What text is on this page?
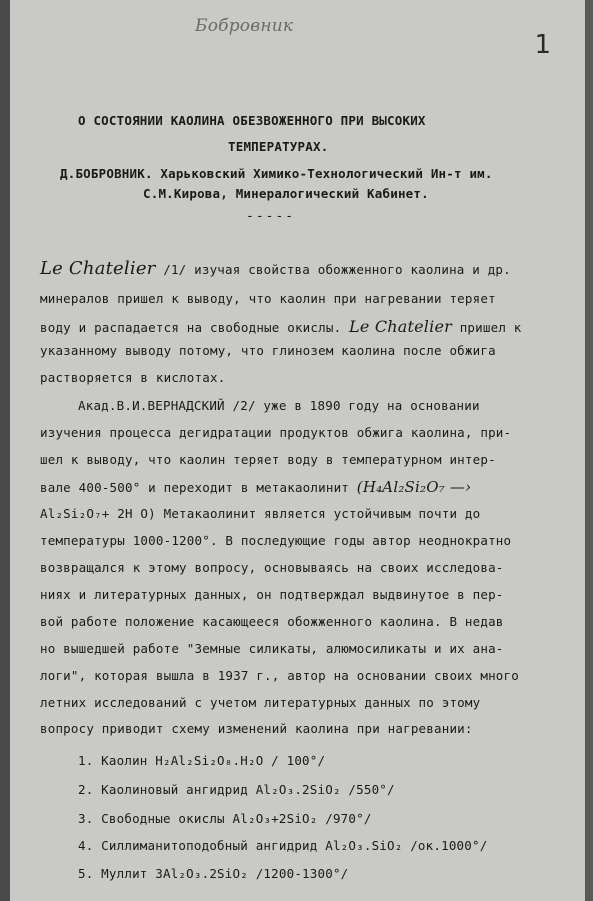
Бобровник
1
О СОСТОЯНИИ КАОЛИНА ОБЕЗВОЖЕННОГО ПРИ ВЫСОКИХ
ТЕМПЕРАТУРАХ.
Д.БОБРОВНИК. Харьковский Химико-Технологический Ин-т им.
С.М.Кирова, Минералогический Кабинет.
-----
Le Chatelier /1/ изучая свойства обожженного каолина и др.
минералов пришел к выводу, что каолин при нагревании теряет
воду и распадается на свободные окислы. Le Chatelier пришел к
указанному выводу потому, что глинозем каолина после обжига
растворяется в кислотах.
Акад.В.И.ВЕРНАДСКИЙ /2/ уже в 1890 году на основании
изучения процесса дегидратации продуктов обжига каолина, при-
шел к выводу, что каолин теряет воду в температурном интер-
вале 400-500° и переходит в метакаолинит (H₄Al₂Si₂O₇ —›
Al₂Si₂O₇+ 2H O) Метакаолинит является устойчивым почти до
температуры 1000-1200°. В последующие годы автор неоднократно
возвращался к этому вопросу, основываясь на своих исследова-
ниях и литературных данных, он подтверждал выдвинутое в пер-
вой работе положение касающееся обожженного каолина. В недав
но вышедшей работе "Земные силикаты, алюмосиликаты и их ана-
логи", которая вышла в 1937 г., автор на основании своих много
летних исследований с учетом литературных данных по этому
вопросу приводит схему изменений каолина при нагревании:
1. Каолин H₂Al₂Si₂O₈.H₂O / 100°/
2. Каолиновый ангидрид Al₂O₃.2SiO₂ /550°/
3. Свободные окислы Al₂O₃+2SiO₂ /970°/
4. Силлиманитоподобный ангидрид Al₂O₃.SiO₂ /ок.1000°/
5. Муллит 3Al₂O₃.2SiO₂ /1200-1300°/
